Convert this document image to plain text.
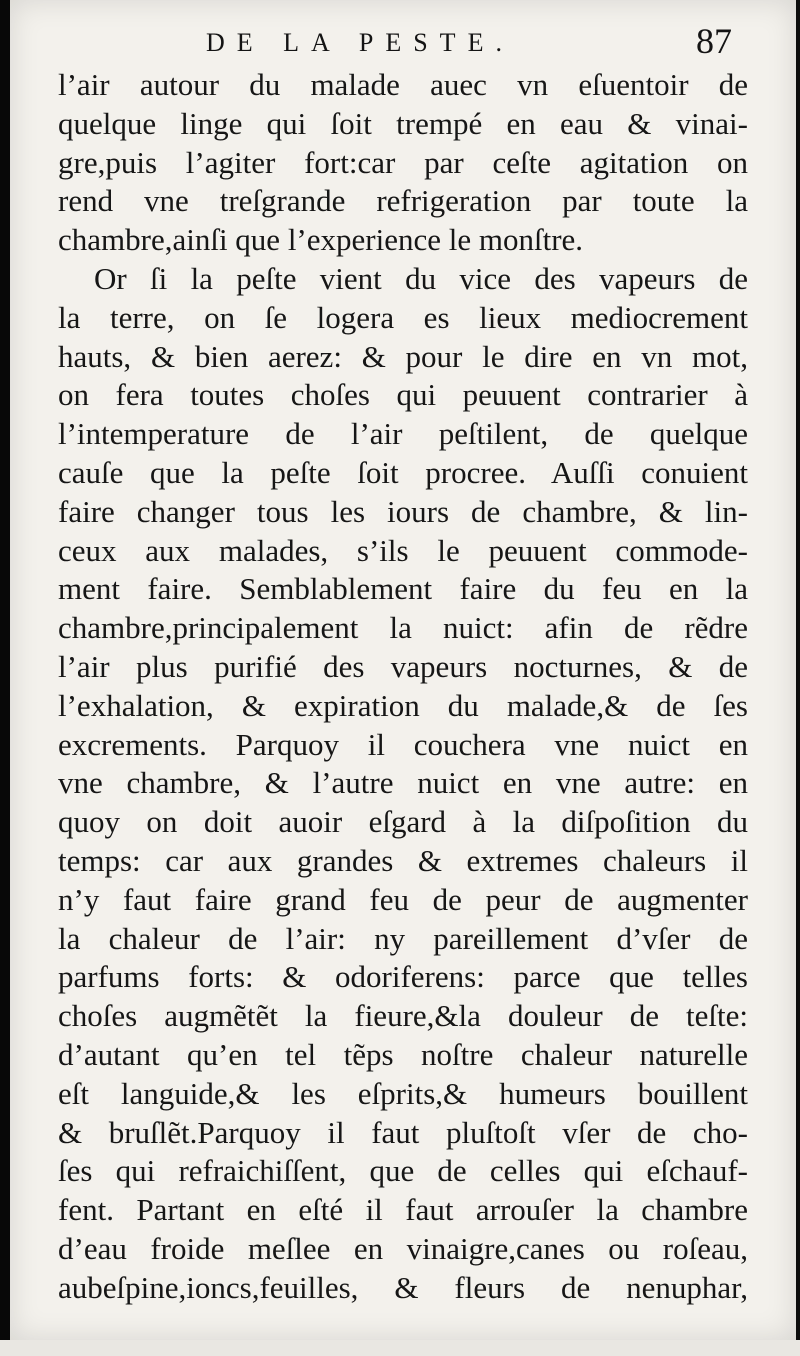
DE LA PESTE.	87
l’air autour du malade auec vn eſuentoir de
quelque linge qui ſoit trempé en eau & vinai-
gre,puis l’agiter fort:car par ceſte agitation on
rend vne treſgrande refrigeration par toute la
chambre,ainſi que l’experience le monſtre.
Or ſi la peſte vient du vice des vapeurs de
la terre, on ſe logera es lieux mediocrement
hauts, & bien aerez: & pour le dire en vn mot,
on fera toutes choſes qui peuuent contrarier à
l’intemperature de l’air peſtilent, de quelque
cauſe que la peſte ſoit procree. Auſſi conuient
faire changer tous les iours de chambre, & lin-
ceux aux malades, s’ils le peuuent commode-
ment faire. Semblablement faire du feu en la
chambre,principalement la nuict: afin de rẽdre
l’air plus purifié des vapeurs nocturnes, & de
l’exhalation, & expiration du malade,& de ſes
excrements. Parquoy il couchera vne nuict en
vne chambre, & l’autre nuict en vne autre: en
quoy on doit auoir eſgard à la diſpoſition du
temps: car aux grandes & extremes chaleurs il
n’y faut faire grand feu de peur de augmenter
la chaleur de l’air: ny pareillement d’vſer de
parfums forts: & odoriferens: parce que telles
choſes augmẽtẽt la fieure,&la douleur de teſte:
d’autant qu’en tel tẽps noſtre chaleur naturelle
eſt languide,& les eſprits,& humeurs bouillent
& bruſlẽt.Parquoy il faut pluſtoſt vſer de cho-
ſes qui refraichiſſent, que de celles qui eſchauf-
fent. Partant en eſté il faut arrouſer la chambre
d’eau froide meſlee en vinaigre,canes ou roſeau,
aubeſpine,ioncs,feuilles, & fleurs de nenuphar,
